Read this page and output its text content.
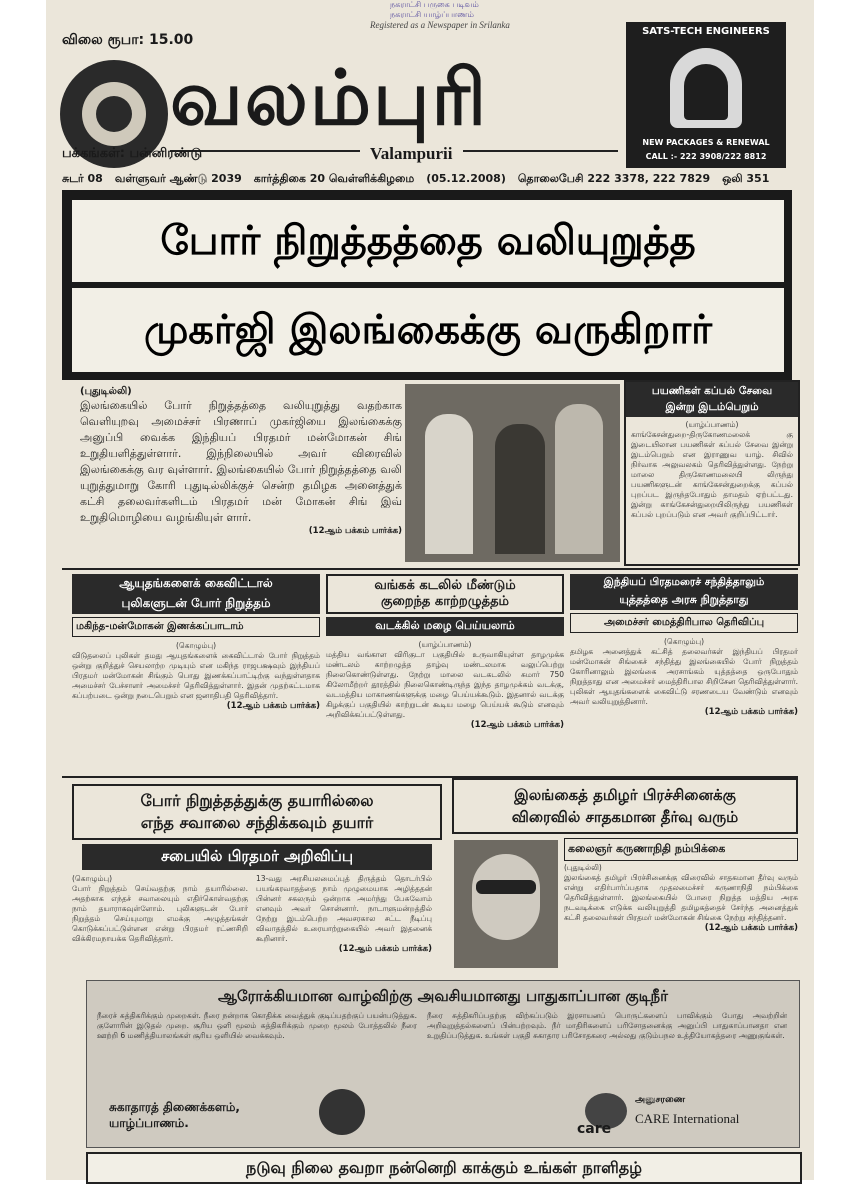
நகராட்சி பருகை படிவம்
நகராட்சி யாழ்ப்பாணம்
Registered as a Newspaper in Srilanka
விலை ரூபா: 15.00
வலம்புரி
Valampurii
பக்கங்கள்: பன்னிரண்டு
SATS-TECH ENGINEERS
NEW PACKAGES & RENEWAL
CALL :- 222 3908/222 8812
சுடர் 08 வள்ளுவர் ஆண்டு 2039 கார்த்திகை 20 வெள்ளிக்கிழமை (05.12.2008) தொலைபேசி 222 3378, 222 7829 ஒலி 351
போர் நிறுத்தத்தை வலியுறுத்த
முகர்ஜி இலங்கைக்கு வருகிறார்
(புதுடில்லி)
இலங்கையில் போர் நிறுத்தத்தை வலியுறுத்து வதற்காக வெளியுறவு அமைச்சர் பிரணாப் முகர்ஜியை இலங்கைக்கு அனுப்பி வைக்க இந்தியப் பிரதமர் மன்மோகன் சிங் உறுதியளித்துள்ளார். இந்நிலையில் அவர் விரைவில் இலங்கைக்கு வர வுள்ளார். இலங்கையில் போர் நிறுத்தத்தை வலி யுறுத்துமாறு கோரி புதுடில்லிக்குச் சென்ற தமிழக அனைத்துக் கட்சி தலைவர்களிடம் பிரதமர் மன் மோகன் சிங் இவ் உறுதிமொழியை வழங்கியுள் ளார்.
(12ஆம் பக்கம் பார்க்க)
பயணிகள் கப்பல் சேவை
இன்று இடம்பெறும்
(யாழ்ப்பாணம்)
காங்கேசன்துறை-திருகோணமலைக் கு இடையிலான பயணிகள் கப்பல் சேவை இன்று இடம்பெறும் என இராணுவ யாழ். சிவில் நிர்வாக அலுவலகம் தெரிவித்துள்ளது. நேற்று மாலை திருகோணமலையி லிருந்து பயணிகளுடன் காங்கேசன்துறைக்கு கப்பல் புறப்பட இருந்தபோதும் தாமதம் ஏற்பட்டது. இன்று காங்கேசன்துறையிலிருந்து பயணிகள் கப்பல் புறப்படும் என அவர் குறிப்பிட்டார்.
ஆயுதங்களைக் கைவிட்டால்
புலிகளுடன் போர் நிறுத்தம்
மகிந்த-மன்மோகன் இணக்கப்பாடாம்
(கொழும்பு)
விடுதலைப் புலிகள் தமது ஆயுதங்களைக் கைவிட்டால் போர் நிறுத்தம் ஒன்று குறித்துச் செயலாற்ற முடியும் என மகிந்த ராஜபக்ஷவும் இந்தியப் பிரதமர் மன்மோகன் சிங்கும் பொது இணக்கப்பாட்டிற்கு வந்துள்ளதாக அமைச்சர் பேச்சாளர் அமைச்சர் தெரிவித்துள்ளார். இதன் முதற்கட்டமாக கப்பற்படை ஒன்று நடைபெறும் என ஜனாதிபதி தெரிவித்தார்.
(12ஆம் பக்கம் பார்க்க)
வங்கக் கடலில் மீண்டும்
குறைந்த காற்றழுத்தம்
வடக்கில் மழை பெய்யலாம்
(யாழ்ப்பாணம்)
மத்திய வங்காள விரிகுடா பகுதியில் உருவாகியுள்ள தாழமுக்க மண்டலம் காற்றழுத்த தாழ்வு மண்டலமாக வலுப்பெற்று நிலைகொண்டுள்ளது. நேற்று மாலை வடகடலில் சுமார் 750 கிலோமீற்றர் தூரத்தில் நிலைகொண்டிருந்த இந்த தாழமுக்கம் வடக்கு, வடமத்திய மாகாணங்களுக்கு மழை பெய்யக்கூடும். இதனால் வடக்கு கிழக்குப் பகுதியில் காற்றுடன் கூடிய மழை பெய்யக் கூடும் எனவும் அறிவிக்கப்பட்டுள்ளது.
(12ஆம் பக்கம் பார்க்க)
இந்தியப் பிரதமரைச் சந்தித்தாலும்
யுத்தத்தை அரசு நிறுத்தாது
அமைச்சர் மைத்திரிபால தெரிவிப்பு
(கொழும்பு)
தமிழக அனைத்துக் கட்சித் தலைவர்கள் இந்தியப் பிரதமர் மன்மோகன் சிங்கைச் சந்தித்து இலங்கையில் போர் நிறுத்தம் கோரினாலும் இலங்கை அரசாங்கம் யுத்தத்தை ஒருபோதும் நிறுத்தாது என அமைச்சர் மைத்திரிபால சிறிசேன தெரிவித்துள்ளார். புலிகள் ஆயுதங்களைக் கைவிட்டு சரணடைய வேண்டும் எனவும் அவர் வலியுறுத்தினார்.
(12ஆம் பக்கம் பார்க்க)
போர் நிறுத்தத்துக்கு தயாரில்லை
எந்த சவாலை சந்திக்கவும் தயார்
சபையில் பிரதமர் அறிவிப்பு
(கொழும்பு)
போர் நிறுத்தம் செய்வதற்கு நாம் தயாரில்லை. அதற்காக எந்தச் சவாலையும் எதிர்கொள்வதற்கு நாம் தயாராகவுள்ளோம். புலிகளுடன் போர் நிறுத்தம் செய்யுமாறு எமக்கு அழுத்தங்கள் கொடுக்கப்பட்டுள்ளன என்று பிரதமர் ரட்ணசிறி விக்கிரமநாயக்க தெரிவித்தார்.
13-வது அரசியலமைப்புத் திருத்தம் தொடர்பில் பயங்கரவாதத்தை நாம் முழுமையாக அழித்ததன் பின்னர் சகலரும் ஒன்றாக அமர்ந்து பேசுவோம் எனவும் அவர் சொன்னார். நாடாளுமன்றத்தில் நேற்று இடம்பெற்ற அவசரகால சட்ட நீடிப்பு விவாதத்தில் உரையாற்றுகையில் அவர் இதனைக் கூறினார்.
(12ஆம் பக்கம் பார்க்க)
இலங்கைத் தமிழர் பிரச்சினைக்கு
விரைவில் சாதகமான தீர்வு வரும்
கலைஞர் கருணாநிதி நம்பிக்கை
(புதுடில்லி)
இலங்கைத் தமிழர் பிரச்சினைக்கு விரைவில் சாதகமான தீர்வு வரும் என்று எதிர்பார்ப்பதாக முதலமைச்சர் கருணாநிதி நம்பிக்கை தெரிவித்துள்ளார். இலங்கையில் போரை நிறுத்த மத்திய அரசு நடவடிக்கை எடுக்க வலியுறுத்தி தமிழகத்தைச் சேர்ந்த அனைத்துக் கட்சி தலைவர்கள் பிரதமர் மன்மோகன் சிங்கை நேற்று சந்தித்தனர்.
(12ஆம் பக்கம் பார்க்க)
ஆரோக்கியமான வாழ்விற்கு அவசியமானது பாதுகாப்பான குடிநீர்
நீரைச் சுத்திகரிக்கும் முறைகள். நீரை நன்றாக கொதிக்க வைத்துக் குடிப்பதற்குப் பயன்படுத்துக. குளோரின் இடுதல் முறை. சூரிய ஒளி மூலம் சுத்திகரிக்கும் முறை மூலம் போத்தலில் நீரை ஊற்றி 6 மணித்தியாலங்கள் சூரிய ஒளியில் வைக்கவும்.
நீரை சுத்திகரிப்பதற்கு விற்கப்படும் இரசாயனப் பொருட்களைப் பாவிக்கும் போது அவற்றின் அறிவுறுத்தல்களைப் பின்பற்றவும். நீர் மாதிரிகளைப் பரிசோதனைக்கு அனுப்பி பாதுகாப்பானதா என உறுதிப்படுத்துக. உங்கள் பகுதி சுகாதார பரிசோதகரை அல்லது குடும்பநல உத்தியோகத்தரை அணுகுங்கள்.
சுகாதாரத் திணைக்களம்,
யாழ்ப்பாணம்.	care
அனுசரணை
CARE International
நடுவு நிலை தவறா நன்னெறி காக்கும் உங்கள் நாளிதழ்
